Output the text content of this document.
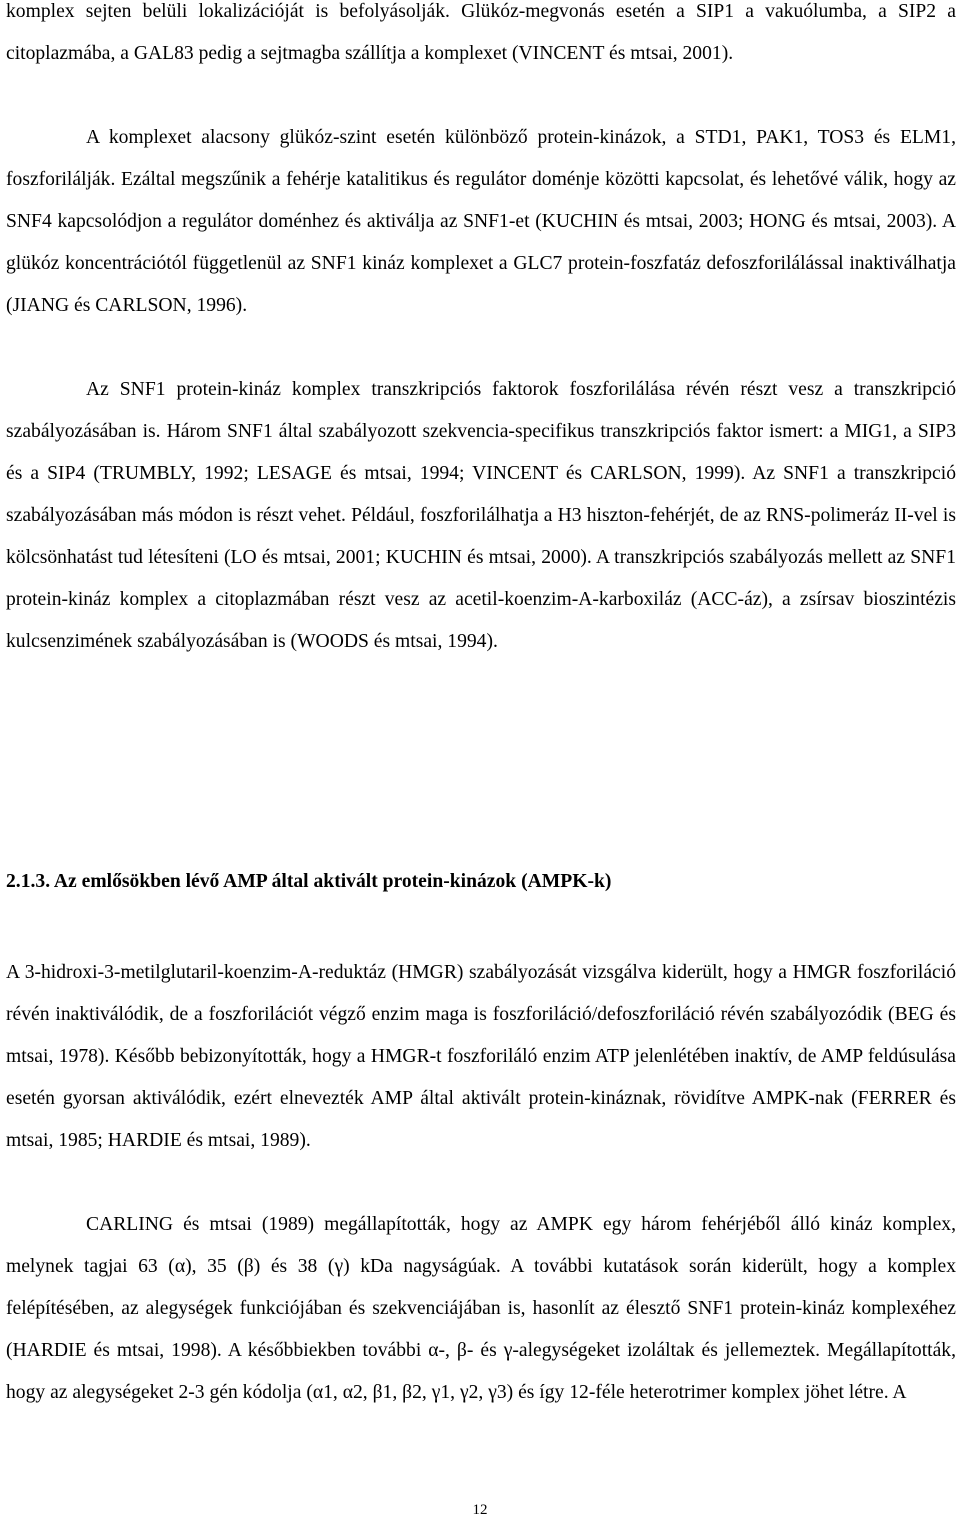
komplex sejten belüli lokalizációját is befolyásolják. Glükóz-megvonás esetén a SIP1 a vakuólumba, a SIP2 a citoplazmába, a GAL83 pedig a sejtmagba szállítja a komplexet (VINCENT és mtsai, 2001).

A komplexet alacsony glükóz-szint esetén különböző protein-kinázok, a STD1, PAK1, TOS3 és ELM1, foszforilálják. Ezáltal megszűnik a fehérje katalitikus és regulátor doménje közötti kapcsolat, és lehetővé válik, hogy az SNF4 kapcsolódjon a regulátor doménhez és aktiválja az SNF1-et (KUCHIN és mtsai, 2003; HONG és mtsai, 2003). A glükóz koncentrációtól függetlenül az SNF1 kináz komplexet a GLC7 protein-foszfatáz defoszforilálással inaktiválhatja (JIANG és CARLSON, 1996).

Az SNF1 protein-kináz komplex transzkripciós faktorok foszforilálása révén részt vesz a transzkripció szabályozásában is. Három SNF1 által szabályozott szekvencia-specifikus transzkripciós faktor ismert: a MIG1, a SIP3 és a SIP4 (TRUMBLY, 1992; LESAGE és mtsai, 1994; VINCENT és CARLSON, 1999). Az SNF1 a transzkripció szabályozásában más módon is részt vehet. Például, foszforilálhatja a H3 hiszton-fehérjét, de az RNS-polimeráz II-vel is kölcsönhatást tud létesíteni (LO és mtsai, 2001; KUCHIN és mtsai, 2000). A transzkripciós szabályozás mellett az SNF1 protein-kináz komplex a citoplazmában részt vesz az acetil-koenzim-A-karboxiláz (ACC-áz), a zsírsav bioszintézis kulcsenzimének szabályozásában is (WOODS és mtsai, 1994).

2.1.3. Az emlősökben lévő AMP által aktivált protein-kinázok (AMPK-k)

A 3-hidroxi-3-metilglutaril-koenzim-A-reduktáz (HMGR) szabályozását vizsgálva kiderült, hogy a HMGR foszforiláció révén inaktiválódik, de a foszforilációt végző enzim maga is foszforiláció/defoszforiláció révén szabályozódik (BEG és mtsai, 1978). Később bebizonyították, hogy a HMGR-t foszforiláló enzim ATP jelenlétében inaktív, de AMP feldúsulása esetén gyorsan aktiválódik, ezért elnevezték AMP által aktivált protein-kináznak, rövidítve AMPK-nak (FERRER és mtsai, 1985; HARDIE és mtsai, 1989).

CARLING és mtsai (1989) megállapították, hogy az AMPK egy három fehérjéből álló kináz komplex, melynek tagjai 63 (α), 35 (β) és 38 (γ) kDa nagyságúak. A további kutatások során kiderült, hogy a komplex felépítésében, az alegységek funkciójában és szekvenciájában is, hasonlít az élesztő SNF1 protein-kináz komplexéhez (HARDIE és mtsai, 1998). A későbbiekben további α-, β- és γ-alegységeket izoláltak és jellemeztek. Megállapították, hogy az alegységeket 2-3 gén kódolja (α1, α2, β1, β2, γ1, γ2, γ3) és így 12-féle heterotrimer komplex jöhet létre. A

12
